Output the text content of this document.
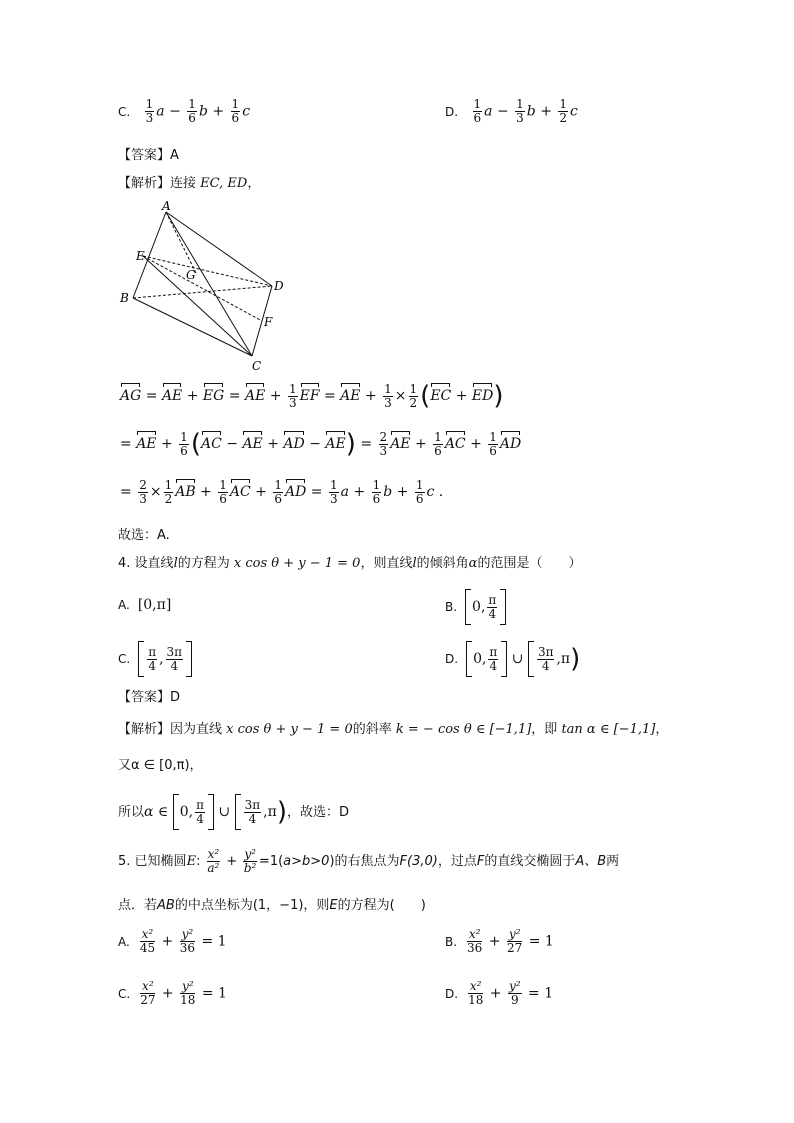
C. $\frac{1}{3}$ $a - \frac{1}{6}$ $b + \frac{1}{6}$ c	D. $\frac{1}{6}$ $a - \frac{1}{3}$ $b + \frac{1}{2}$ c
【答案】A
【解析】连接 EC, ED，
A
B
C
D
E
F
G
AG = AE + EG = AE + $\frac{1}{3}$ EF = AE + $\frac{1}{3} \times \frac{1}{2} (EC + ED)$
= AE + $\frac{1}{6} (AC$ − AE + AD − $AE) = \frac{2}{3}$ AE + $\frac{1}{6}$ AC + $\frac{1}{6}$ AD
= $\frac{2}{3} \times \frac{1}{2}$ AB + $\frac{1}{6}$ AC + $\frac{1}{6}$ AD = $\frac{1}{3}$ $a + \frac{1}{6}$ $b + \frac{1}{6}$ c .
故选：A.
4. 设直线l的方程为 x cos θ + y − 1 = 0，则直线l的倾斜角α的范围是（　　）
A. [0,π]	B. 0, $\frac{\pi}{4}$
C. $\frac{\pi}{4}$ , $\frac{3\pi}{4}$	D. 0, $\frac{\pi}{4}$ ∪ $\frac{3\pi}{4} ,\pi$)
【答案】D
【解析】因为直线 x cos θ + y − 1 = 0的斜率 k = − cos θ ∈ [−1,1]，即 tan α ∈ [−1,1]，
又α ∈ [0,π)，
所以α ∈ 0, $\frac{\pi}{4}$ ∪ $\frac{3\pi}{4} ,\pi$)，故选：D
5. 已知椭圆E: $\frac{\text{x²}}{\text{a²}} + \frac{\text{y²}}{\text{b²}} =1(a>b>0)$的右焦点为F(3,0)，过点F的直线交椭圆于A、B两
点．若AB的中点坐标为(1，−1)，则E的方程为(　　)
A. $\frac{\text{x²}}{45} + \frac{\text{y²}}{36} = 1$	B. $\frac{\text{x²}}{36} + \frac{\text{y²}}{27} = 1$
C. $\frac{\text{x²}}{27} + \frac{\text{y²}}{18} = 1$	D. $\frac{\text{x²}}{18} + \frac{\text{y²}}{9} = 1$
